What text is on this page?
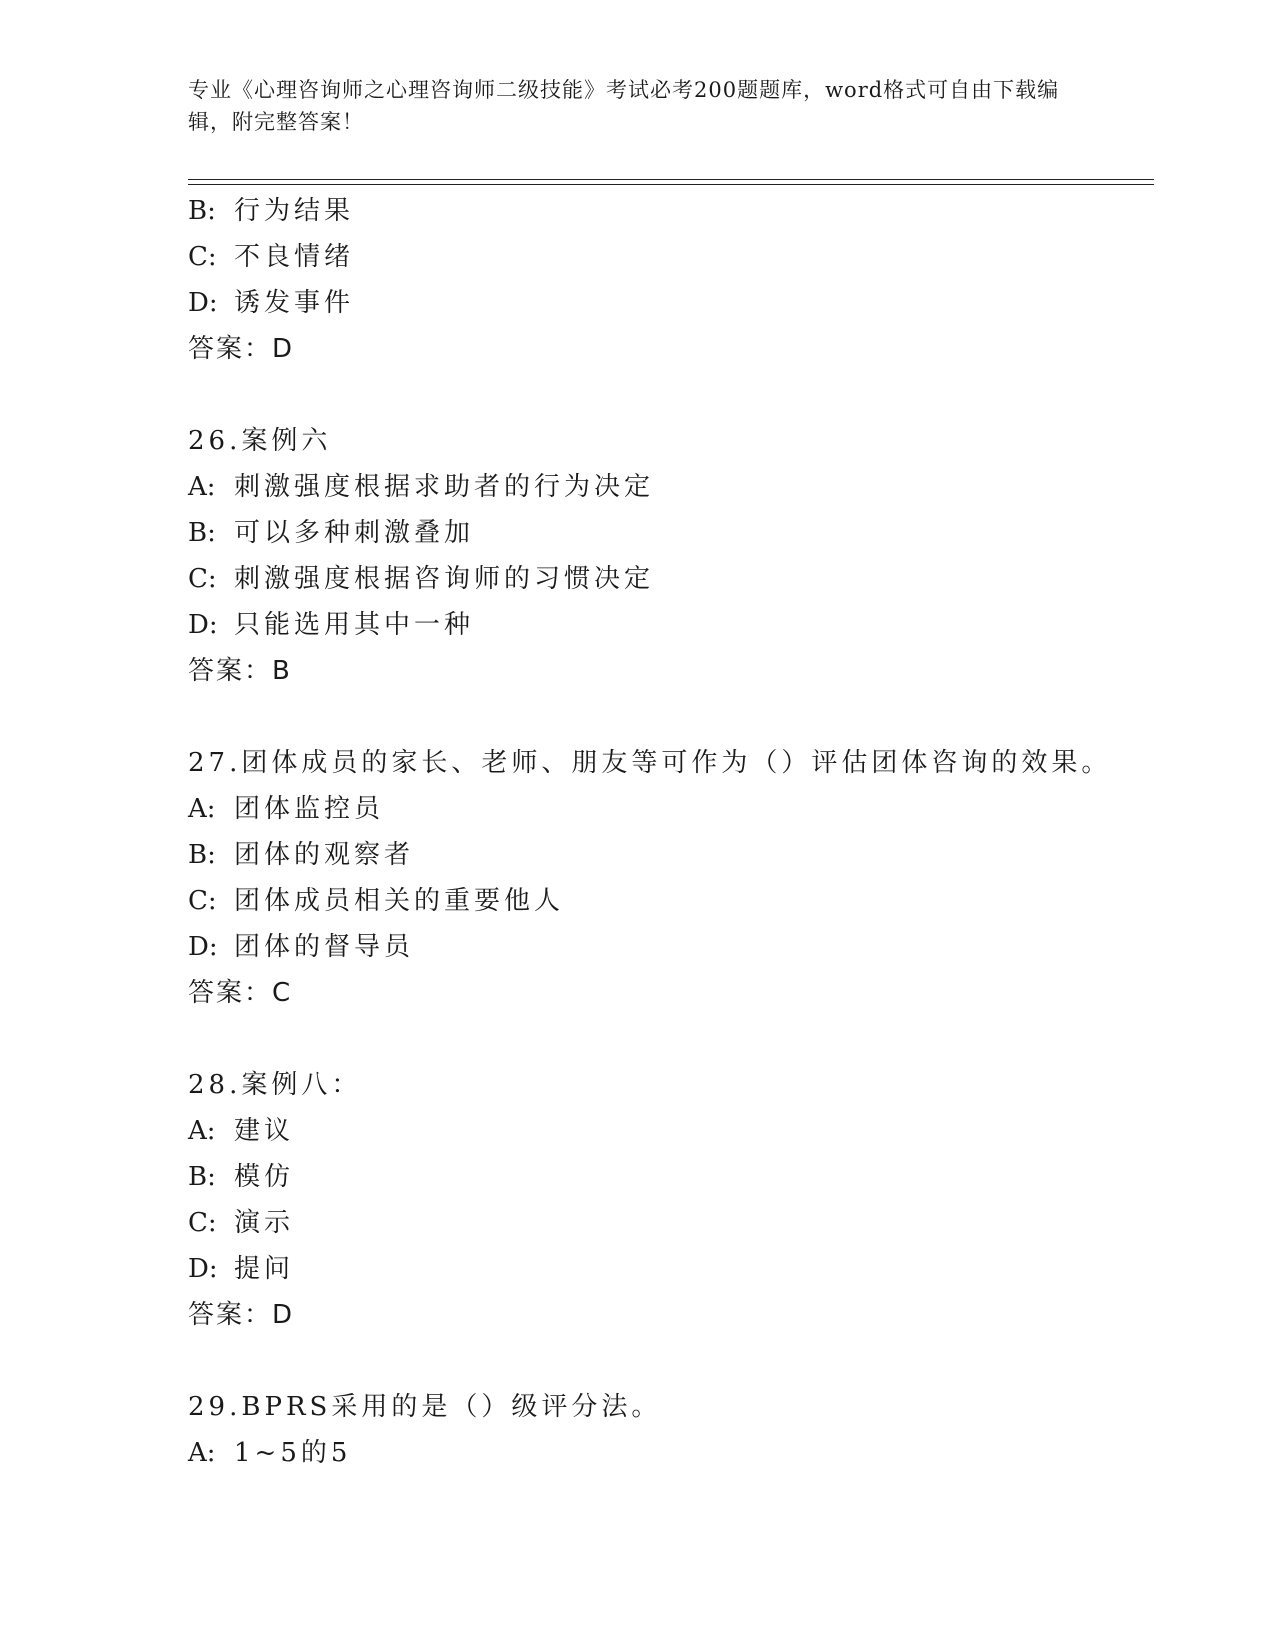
专业《心理咨询师之心理咨询师二级技能》考试必考200题题库，word格式可自由下载编辑，附完整答案！
B: 行为结果
C: 不良情绪
D: 诱发事件
答案：D
26.案例六
A: 刺激强度根据求助者的行为决定
B: 可以多种刺激叠加
C: 刺激强度根据咨询师的习惯决定
D: 只能选用其中一种
答案：B
27.团体成员的家长、老师、朋友等可作为（）评估团体咨询的效果。
A: 团体监控员
B: 团体的观察者
C: 团体成员相关的重要他人
D: 团体的督导员
答案：C
28.案例八：
A: 建议
B: 模仿
C: 演示
D: 提问
答案：D
29.BPRS采用的是（）级评分法。
A: 1~5的5
